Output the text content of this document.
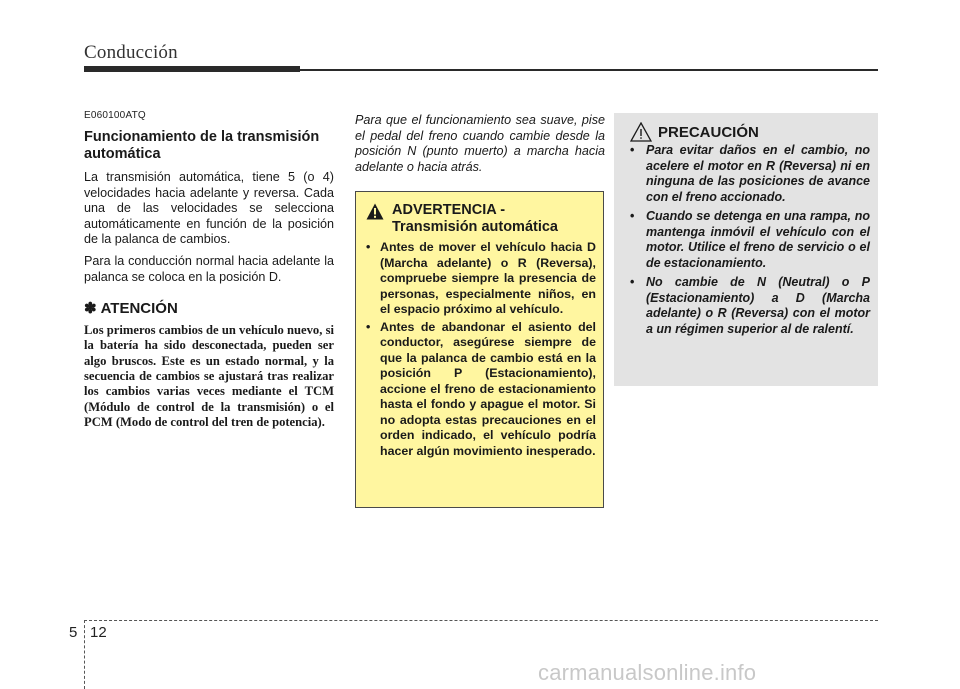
Conducción
E060100ATQ
Funcionamiento de la transmisión automática

La transmisión automática, tiene 5 (o 4) velocidades hacia adelante y reversa. Cada una de las velocidades se selecciona automáticamente en función de la posición de la palanca de cambios.

Para la conducción normal hacia adelante la palanca se coloca en la posición D.

✽ ATENCIÓN
Los primeros cambios de un vehículo nuevo, si la batería ha sido desconectada, pueden ser algo bruscos. Este es un estado normal, y la secuencia de cambios se ajustará tras realizar los cambios varias veces mediante el TCM (Módulo de control de la transmisión) o el PCM (Modo de control del tren de potencia).
Para que el funcionamiento sea suave, pise el pedal del freno cuando cambie desde la posición N (punto muerto) a marcha hacia adelante o hacia atrás.
ADVERTENCIA -
Transmisión automática
• Antes de mover el vehículo hacia D (Marcha adelante) o R (Reversa), compruebe siempre la presencia de personas, especialmente niños, en el espacio próximo al vehículo.
• Antes de abandonar el asiento del conductor, asegúrese siempre de que la palanca de cambio está en la posición P (Estacionamiento), accione el freno de estacionamiento hasta el fondo y apague el motor. Si no adopta estas precauciones en el orden indicado, el vehículo podría hacer algún movimiento inesperado.
PRECAUCIÓN
• Para evitar daños en el cambio, no acelere el motor en R (Reversa) ni en ninguna de las posiciones de avance con el freno accionado.
• Cuando se detenga en una rampa, no mantenga inmóvil el vehículo con el motor. Utilice el freno de servicio o el de estacionamiento.
• No cambie de N (Neutral) o P (Estacionamiento) a D (Marcha adelante) o R (Reversa) con el motor a un régimen superior al de ralentí.
5 12
carmanualsonline.info
